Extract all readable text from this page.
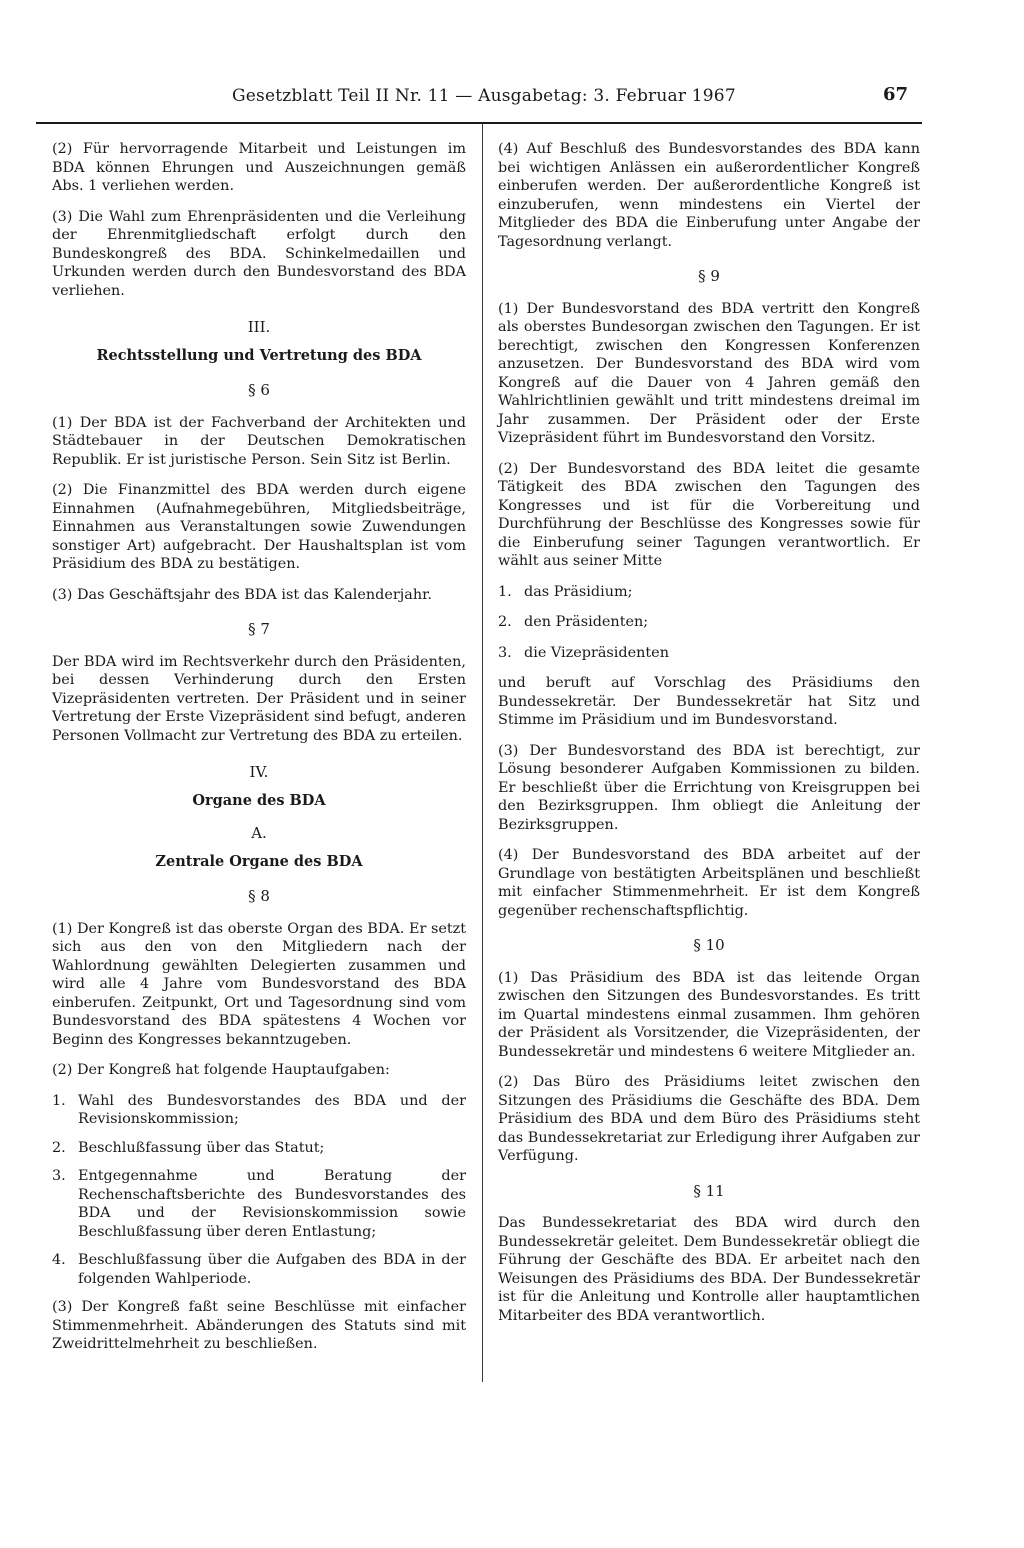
Gesetzblatt Teil II Nr. 11 — Ausgabetag: 3. Februar 1967	67

(2) Für hervorragende Mitarbeit und Leistungen im BDA können Ehrungen und Auszeichnungen gemäß Abs. 1 verliehen werden.

(3) Die Wahl zum Ehrenpräsidenten und die Verleihung der Ehrenmitgliedschaft erfolgt durch den Bundeskongreß des BDA. Schinkelmedaillen und Urkunden werden durch den Bundesvorstand des BDA verliehen.

III.
Rechtsstellung und Vertretung des BDA
§ 6

(1) Der BDA ist der Fachverband der Architekten und Städtebauer in der Deutschen Demokratischen Republik. Er ist juristische Person. Sein Sitz ist Berlin.

(2) Die Finanzmittel des BDA werden durch eigene Einnahmen (Aufnahmegebühren, Mitgliedsbeiträge, Einnahmen aus Veranstaltungen sowie Zuwendungen sonstiger Art) aufgebracht. Der Haushaltsplan ist vom Präsidium des BDA zu bestätigen.

(3) Das Geschäftsjahr des BDA ist das Kalenderjahr.

§ 7

Der BDA wird im Rechtsverkehr durch den Präsidenten, bei dessen Verhinderung durch den Ersten Vizepräsidenten vertreten. Der Präsident und in seiner Vertretung der Erste Vizepräsident sind befugt, anderen Personen Vollmacht zur Vertretung des BDA zu erteilen.

IV.
Organe des BDA
A.
Zentrale Organe des BDA
§ 8

(1) Der Kongreß ist das oberste Organ des BDA. Er setzt sich aus den von den Mitgliedern nach der Wahlordnung gewählten Delegierten zusammen und wird alle 4 Jahre vom Bundesvorstand des BDA einberufen. Zeitpunkt, Ort und Tagesordnung sind vom Bundesvorstand des BDA spätestens 4 Wochen vor Beginn des Kongresses bekanntzugeben.

(2) Der Kongreß hat folgende Hauptaufgaben:

1. Wahl des Bundesvorstandes des BDA und der Revisionskommission;
2. Beschlußfassung über das Statut;
3. Entgegennahme und Beratung der Rechenschaftsberichte des Bundesvorstandes des BDA und der Revisionskommission sowie Beschlußfassung über deren Entlastung;
4. Beschlußfassung über die Aufgaben des BDA in der folgenden Wahlperiode.

(3) Der Kongreß faßt seine Beschlüsse mit einfacher Stimmenmehrheit. Abänderungen des Statuts sind mit Zweidrittelmehrheit zu beschließen.

(4) Auf Beschluß des Bundesvorstandes des BDA kann bei wichtigen Anlässen ein außerordentlicher Kongreß einberufen werden. Der außerordentliche Kongreß ist einzuberufen, wenn mindestens ein Viertel der Mitglieder des BDA die Einberufung unter Angabe der Tagesordnung verlangt.

§ 9

(1) Der Bundesvorstand des BDA vertritt den Kongreß als oberstes Bundesorgan zwischen den Tagungen. Er ist berechtigt, zwischen den Kongressen Konferenzen anzusetzen. Der Bundesvorstand des BDA wird vom Kongreß auf die Dauer von 4 Jahren gemäß den Wahlrichtlinien gewählt und tritt mindestens dreimal im Jahr zusammen. Der Präsident oder der Erste Vizepräsident führt im Bundesvorstand den Vorsitz.

(2) Der Bundesvorstand des BDA leitet die gesamte Tätigkeit des BDA zwischen den Tagungen des Kongresses und ist für die Vorbereitung und Durchführung der Beschlüsse des Kongresses sowie für die Einberufung seiner Tagungen verantwortlich. Er wählt aus seiner Mitte

1. das Präsidium;
2. den Präsidenten;
3. die Vizepräsidenten

und beruft auf Vorschlag des Präsidiums den Bundessekretär. Der Bundessekretär hat Sitz und Stimme im Präsidium und im Bundesvorstand.

(3) Der Bundesvorstand des BDA ist berechtigt, zur Lösung besonderer Aufgaben Kommissionen zu bilden. Er beschließt über die Errichtung von Kreisgruppen bei den Bezirksgruppen. Ihm obliegt die Anleitung der Bezirksgruppen.

(4) Der Bundesvorstand des BDA arbeitet auf der Grundlage von bestätigten Arbeitsplänen und beschließt mit einfacher Stimmenmehrheit. Er ist dem Kongreß gegenüber rechenschaftspflichtig.

§ 10

(1) Das Präsidium des BDA ist das leitende Organ zwischen den Sitzungen des Bundesvorstandes. Es tritt im Quartal mindestens einmal zusammen. Ihm gehören der Präsident als Vorsitzender, die Vizepräsidenten, der Bundessekretär und mindestens 6 weitere Mitglieder an.

(2) Das Büro des Präsidiums leitet zwischen den Sitzungen des Präsidiums die Geschäfte des BDA. Dem Präsidium des BDA und dem Büro des Präsidiums steht das Bundessekretariat zur Erledigung ihrer Aufgaben zur Verfügung.

§ 11

Das Bundessekretariat des BDA wird durch den Bundessekretär geleitet. Dem Bundessekretär obliegt die Führung der Geschäfte des BDA. Er arbeitet nach den Weisungen des Präsidiums des BDA. Der Bundessekretär ist für die Anleitung und Kontrolle aller hauptamtlichen Mitarbeiter des BDA verantwortlich.
